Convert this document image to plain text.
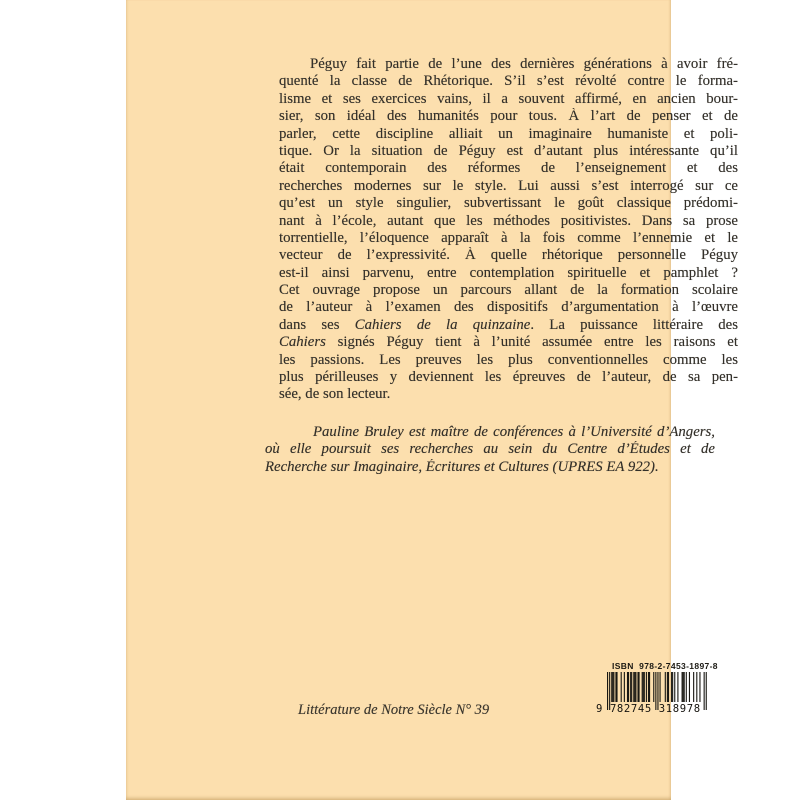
Péguy fait partie de l’une des dernières générations à avoir fré-
quenté la classe de Rhétorique. S’il s’est révolté contre le forma-
lisme et ses exercices vains, il a souvent affirmé, en ancien bour-
sier, son idéal des humanités pour tous. À l’art de penser et de
parler, cette discipline alliait un imaginaire humaniste et poli-
tique. Or la situation de Péguy est d’autant plus intéressante qu’il
était contemporain des réformes de l’enseignement et des
recherches modernes sur le style. Lui aussi s’est interrogé sur ce
qu’est un style singulier, subvertissant le goût classique prédomi-
nant à l’école, autant que les méthodes positivistes. Dans sa prose
torrentielle, l’éloquence apparaît à la fois comme l’ennemie et le
vecteur de l’expressivité. À quelle rhétorique personnelle Péguy
est-il ainsi parvenu, entre contemplation spirituelle et pamphlet ?
Cet ouvrage propose un parcours allant de la formation scolaire
de l’auteur à l’examen des dispositifs d’argumentation à l’œuvre
dans ses Cahiers de la quinzaine. La puissance littéraire des
Cahiers signés Péguy tient à l’unité assumée entre les raisons et
les passions. Les preuves les plus conventionnelles comme les
plus périlleuses y deviennent les épreuves de l’auteur, de sa pen-
sée, de son lecteur.
Pauline Bruley est maître de conférences à l’Université d’Angers,
où elle poursuit ses recherches au sein du Centre d’Études et de
Recherche sur Imaginaire, Écritures et Cultures (UPRES EA 922).
Littérature de Notre Siècle N° 39
ISBN  978-2-7453-1897-8
9 782745 318978
